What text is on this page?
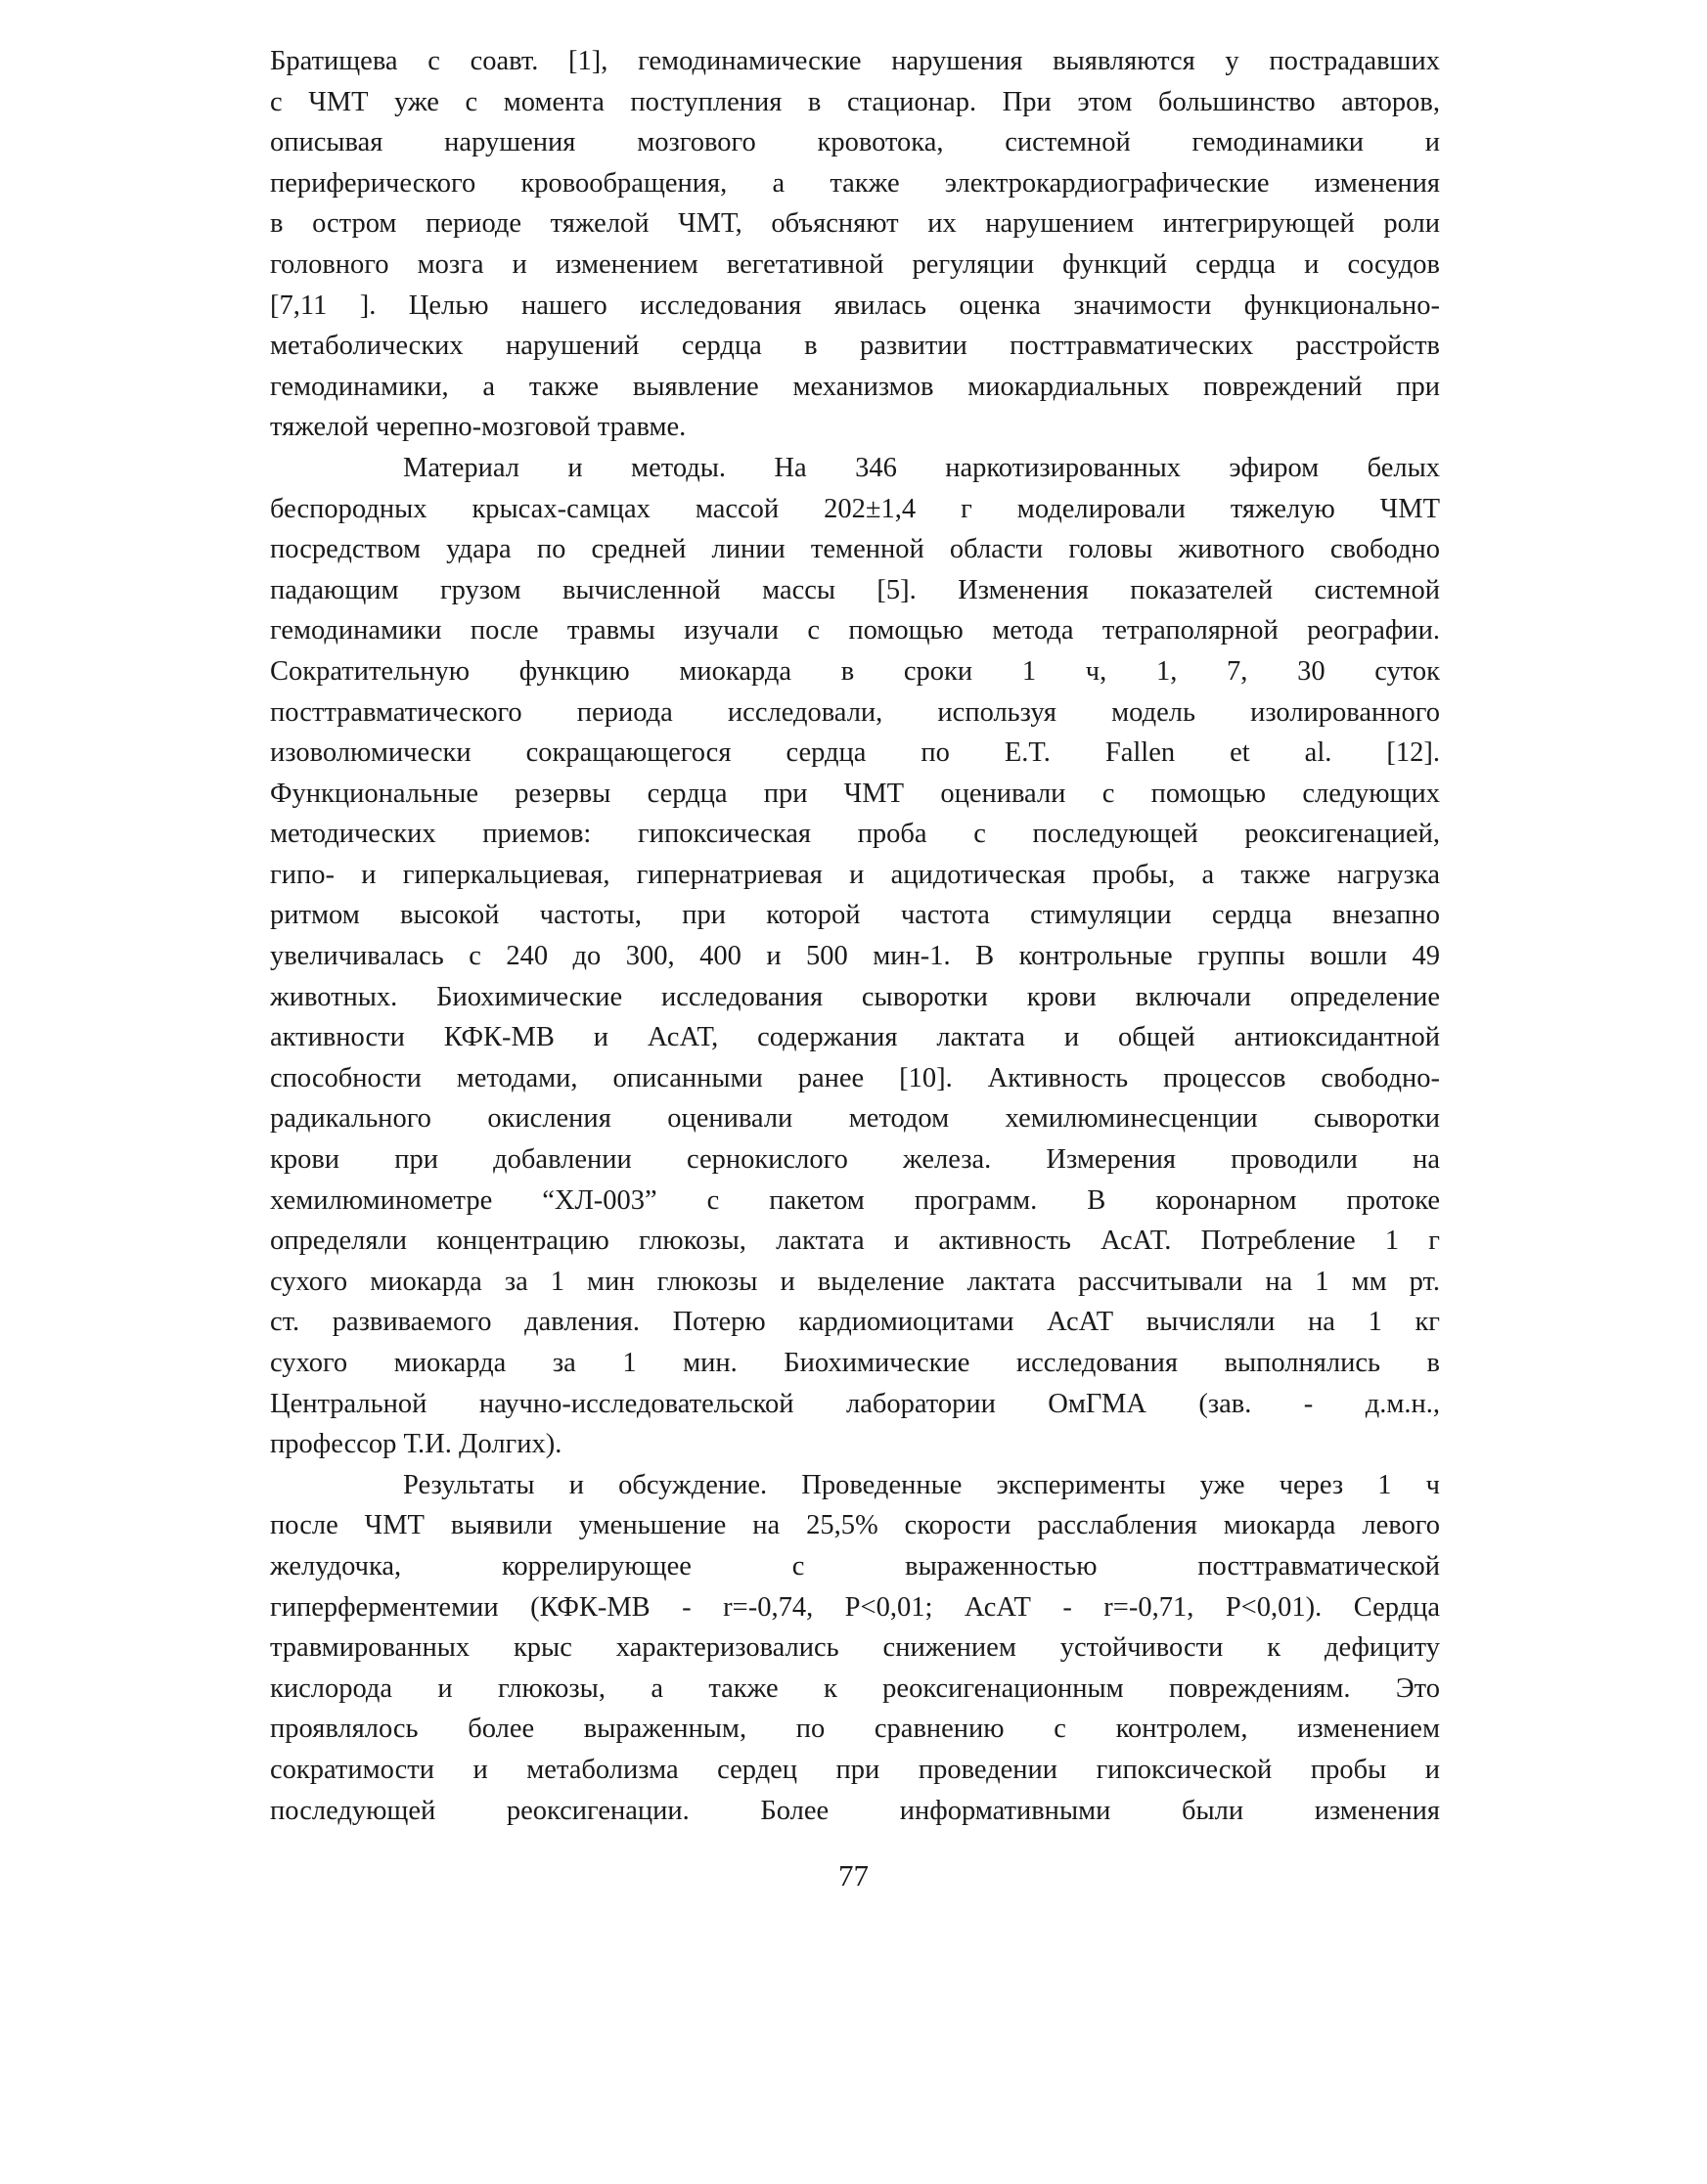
Братищева с соавт. [1], гемодинамические нарушения выявляются у пострадавших
с ЧМТ уже с момента поступления в стационар. При этом большинство авторов,
описывая нарушения мозгового кровотока, системной гемодинамики и
периферического кровообращения, а также электрокардиографические изменения
в остром периоде тяжелой ЧМТ, объясняют их нарушением интегрирующей роли
головного мозга и изменением вегетативной регуляции функций сердца и сосудов
[7,11 ]. Целью нашего исследования явилась оценка значимости функционально-
метаболических нарушений сердца в развитии посттравматических расстройств
гемодинамики, а также выявление механизмов миокардиальных повреждений при
тяжелой черепно-мозговой травме.
Материал и методы. На 346 наркотизированных эфиром белых
беспородных крысах-самцах массой 202±1,4 г моделировали тяжелую ЧМТ
посредством удара по средней линии теменной области головы животного свободно
падающим грузом вычисленной массы [5]. Изменения показателей системной
гемодинамики после травмы изучали с помощью метода тетраполярной реографии.
Сократительную функцию миокарда в сроки 1 ч, 1, 7, 30 суток
посттравматического периода исследовали, используя модель изолированного
изоволюмически сокращающегося сердца по E.T. Fallen et al. [12].
Функциональные резервы сердца при ЧМТ оценивали с помощью следующих
методических приемов: гипоксическая проба с последующей реоксигенацией,
гипо- и гиперкальциевая, гипернатриевая и ацидотическая пробы, а также нагрузка
ритмом высокой частоты, при которой частота стимуляции сердца внезапно
увеличивалась с 240 до 300, 400 и 500 мин-1. В контрольные группы вошли 49
животных. Биохимические исследования сыворотки крови включали определение
активности КФК-МВ и АсАТ, содержания лактата и общей антиоксидантной
способности методами, описанными ранее [10]. Активность процессов свободно-
радикального окисления оценивали методом хемилюминесценции сыворотки
крови при добавлении сернокислого железа. Измерения проводили на
хемилюминометре “ХЛ-003” с пакетом программ. В коронарном протоке
определяли концентрацию глюкозы, лактата и активность АсАТ. Потребление 1 г
сухого миокарда за 1 мин глюкозы и выделение лактата рассчитывали на 1 мм рт.
ст. развиваемого давления. Потерю кардиомиоцитами АсАТ вычисляли на 1 кг
сухого миокарда за 1 мин. Биохимические исследования выполнялись в
Центральной научно-исследовательской лаборатории ОмГМА (зав. - д.м.н.,
профессор Т.И. Долгих).
Результаты и обсуждение. Проведенные эксперименты уже через 1 ч
после ЧМТ выявили уменьшение на 25,5% скорости расслабления миокарда левого
желудочка, коррелирующее с выраженностью посттравматической
гиперферментемии (КФК-МВ - r=-0,74, P<0,01; АсАТ - r=-0,71, P<0,01). Сердца
травмированных крыс характеризовались снижением устойчивости к дефициту
кислорода и глюкозы, а также к реоксигенационным повреждениям. Это
проявлялось более выраженным, по сравнению с контролем, изменением
сократимости и метаболизма сердец при проведении гипоксической пробы и
последующей реоксигенации. Более информативными были изменения
77
